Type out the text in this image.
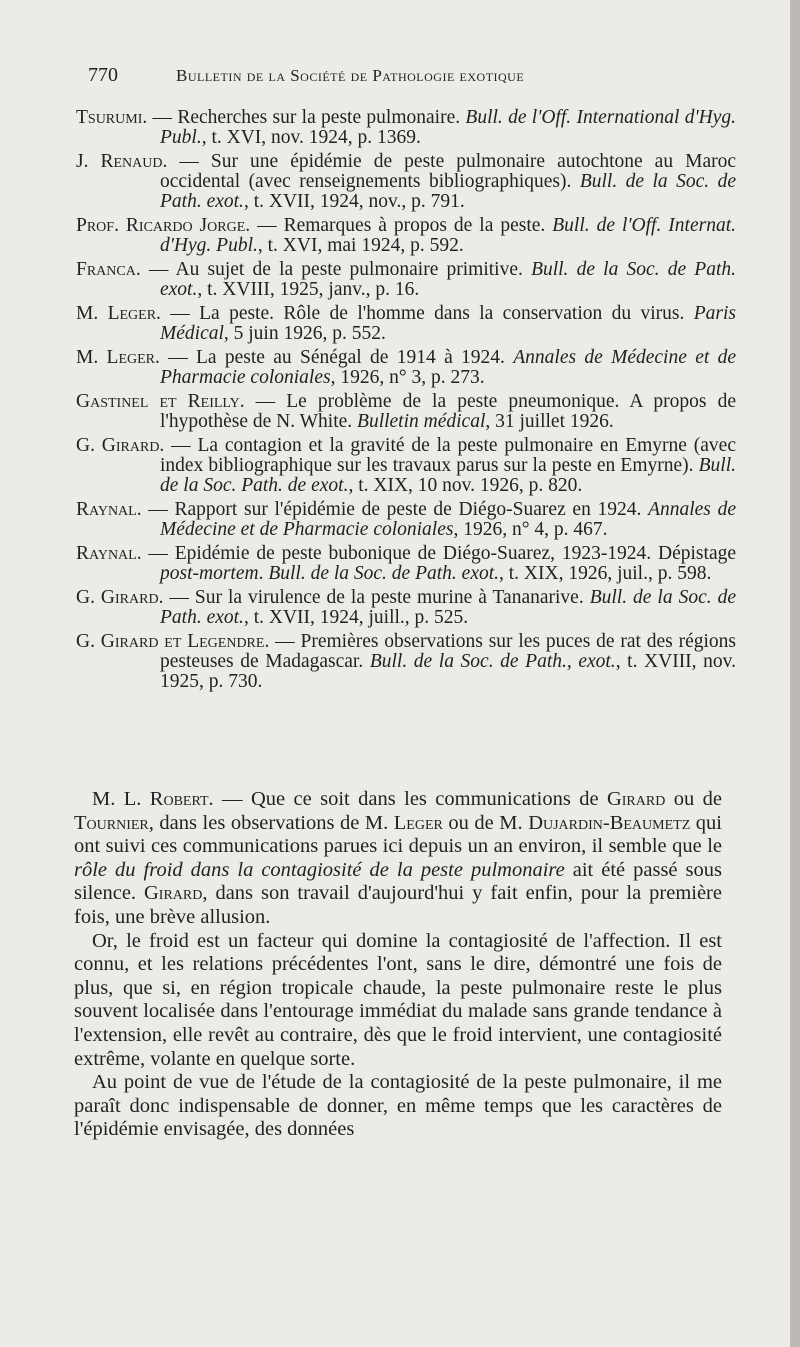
770	Bulletin de la Société de Pathologie exotique
Tsurumi. — Recherches sur la peste pulmonaire. Bull. de l'Off. International d'Hyg. Publ., t. XVI, nov. 1924, p. 1369.
J. Renaud. — Sur une épidémie de peste pulmonaire autochtone au Maroc occidental (avec renseignements bibliographiques). Bull. de la Soc. de Path. exot., t. XVII, 1924, nov., p. 791.
Prof. Ricardo Jorge. — Remarques à propos de la peste. Bull. de l'Off. Internat. d'Hyg. Publ., t. XVI, mai 1924, p. 592.
Franca. — Au sujet de la peste pulmonaire primitive. Bull. de la Soc. de Path. exot., t. XVIII, 1925, janv., p. 16.
M. Leger. — La peste. Rôle de l'homme dans la conservation du virus. Paris Médical, 5 juin 1926, p. 552.
M. Leger. — La peste au Sénégal de 1914 à 1924. Annales de Médecine et de Pharmacie coloniales, 1926, n° 3, p. 273.
Gastinel et Reilly. — Le problème de la peste pneumonique. A propos de l'hypothèse de N. White. Bulletin médical, 31 juillet 1926.
G. Girard. — La contagion et la gravité de la peste pulmonaire en Emyrne (avec index bibliographique sur les travaux parus sur la peste en Emyrne). Bull. de la Soc. Path. de exot., t. XIX, 10 nov. 1926, p. 820.
Raynal. — Rapport sur l'épidémie de peste de Diégo-Suarez en 1924. Annales de Médecine et de Pharmacie coloniales, 1926, n° 4, p. 467.
Raynal. — Epidémie de peste bubonique de Diégo-Suarez, 1923-1924. Dépistage post-mortem. Bull. de la Soc. de Path. exot., t. XIX, 1926, juil., p. 598.
G. Girard. — Sur la virulence de la peste murine à Tananarive. Bull. de la Soc. de Path. exot., t. XVII, 1924, juill., p. 525.
G. Girard et Legendre. — Premières observations sur les puces de rat des régions pesteuses de Madagascar. Bull. de la Soc. de Path., exot., t. XVIII, nov. 1925, p. 730.

M. L. Robert. — Que ce soit dans les communications de Girard ou de Tournier, dans les observations de M. Leger ou de M. Dujardin-Beaumetz qui ont suivi ces communications parues ici depuis un an environ, il semble que le rôle du froid dans la contagiosité de la peste pulmonaire ait été passé sous silence. Girard, dans son travail d'aujourd'hui y fait enfin, pour la première fois, une brève allusion.

Or, le froid est un facteur qui domine la contagiosité de l'affection. Il est connu, et les relations précédentes l'ont, sans le dire, démontré une fois de plus, que si, en région tropicale chaude, la peste pulmonaire reste le plus souvent localisée dans l'entourage immédiat du malade sans grande tendance à l'extension, elle revêt au contraire, dès que le froid intervient, une contagiosité extrême, volante en quelque sorte.

Au point de vue de l'étude de la contagiosité de la peste pulmonaire, il me paraît donc indispensable de donner, en même temps que les caractères de l'épidémie envisagée, des données
